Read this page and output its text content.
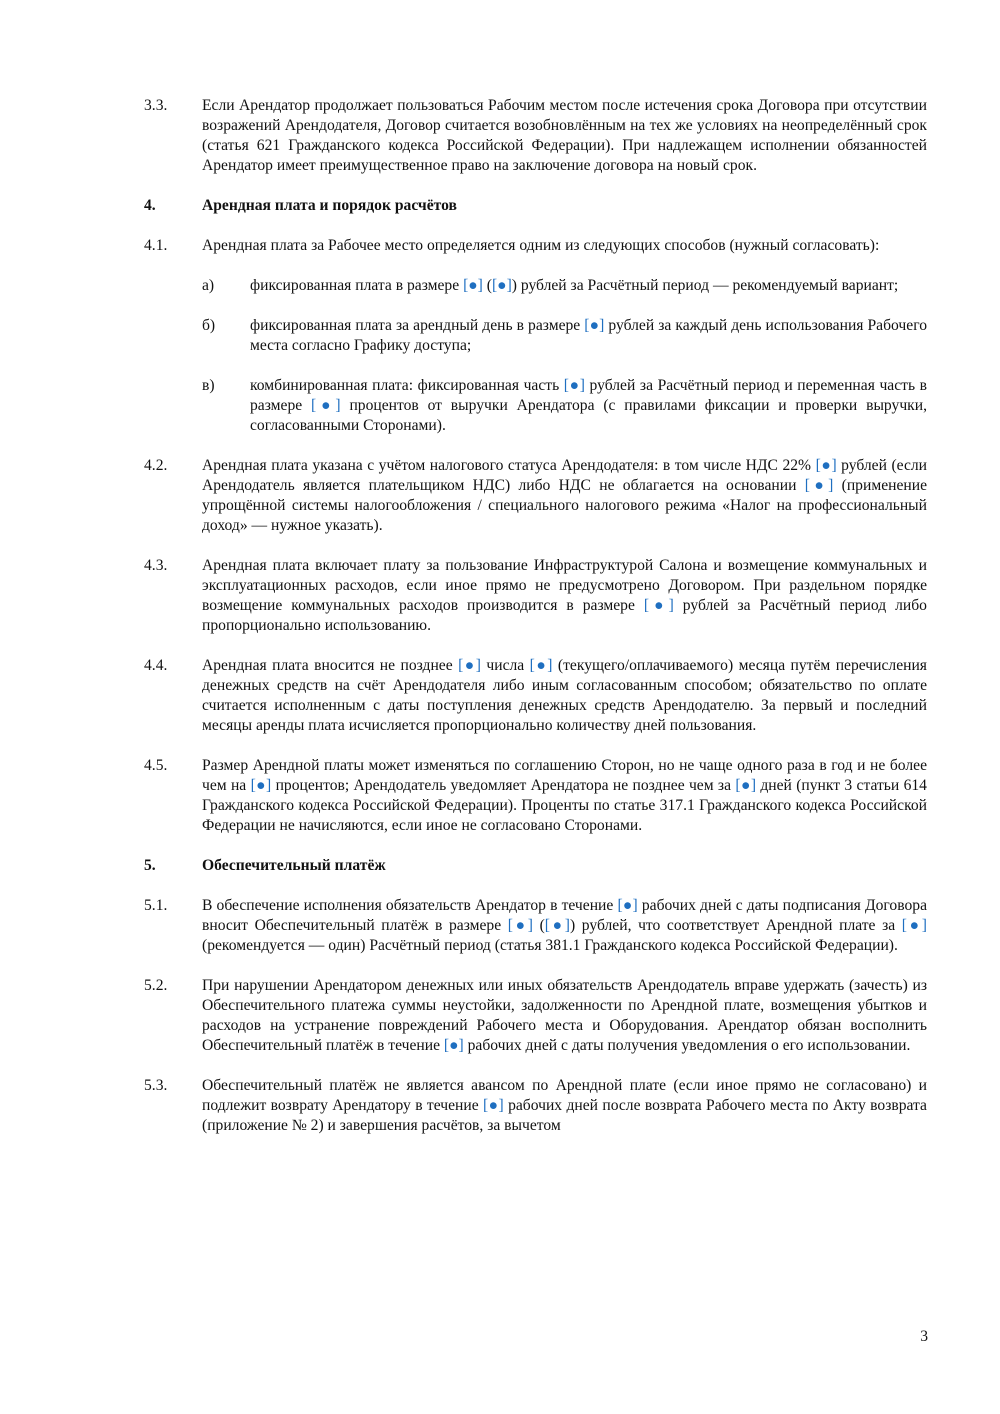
3.3.	Если Арендатор продолжает пользоваться Рабочим местом после истечения срока Договора при отсутствии возражений Арендодателя, Договор считается возобновлённым на тех же условиях на неопределённый срок (статья 621 Гражданского кодекса Российской Федерации). При надлежащем исполнении обязанностей Арендатор имеет преимущественное право на заключение договора на новый срок.
4.	Арендная плата и порядок расчётов
4.1.	Арендная плата за Рабочее место определяется одним из следующих способов (нужный согласовать):
а)	фиксированная плата в размере [●] ([●]) рублей за Расчётный период — рекомендуемый вариант;
б)	фиксированная плата за арендный день в размере [●] рублей за каждый день использования Рабочего места согласно Графику доступа;
в)	комбинированная плата: фиксированная часть [●] рублей за Расчётный период и переменная часть в размере [●] процентов от выручки Арендатора (с правилами фиксации и проверки выручки, согласованными Сторонами).
4.2.	Арендная плата указана с учётом налогового статуса Арендодателя: в том числе НДС 22% [●] рублей (если Арендодатель является плательщиком НДС) либо НДС не облагается на основании [●] (применение упрощённой системы налогообложения / специального налогового режима «Налог на профессиональный доход» — нужное указать).
4.3.	Арендная плата включает плату за пользование Инфраструктурой Салона и возмещение коммунальных и эксплуатационных расходов, если иное прямо не предусмотрено Договором. При раздельном порядке возмещение коммунальных расходов производится в размере [●] рублей за Расчётный период либо пропорционально использованию.
4.4.	Арендная плата вносится не позднее [●] числа [●] (текущего/оплачиваемого) месяца путём перечисления денежных средств на счёт Арендодателя либо иным согласованным способом; обязательство по оплате считается исполненным с даты поступления денежных средств Арендодателю. За первый и последний месяцы аренды плата исчисляется пропорционально количеству дней пользования.
4.5.	Размер Арендной платы может изменяться по соглашению Сторон, но не чаще одного раза в год и не более чем на [●] процентов; Арендодатель уведомляет Арендатора не позднее чем за [●] дней (пункт 3 статьи 614 Гражданского кодекса Российской Федерации). Проценты по статье 317.1 Гражданского кодекса Российской Федерации не начисляются, если иное не согласовано Сторонами.
5.	Обеспечительный платёж
5.1.	В обеспечение исполнения обязательств Арендатор в течение [●] рабочих дней с даты подписания Договора вносит Обеспечительный платёж в размере [●] ([●]) рублей, что соответствует Арендной плате за [●] (рекомендуется — один) Расчётный период (статья 381.1 Гражданского кодекса Российской Федерации).
5.2.	При нарушении Арендатором денежных или иных обязательств Арендодатель вправе удержать (зачесть) из Обеспечительного платежа суммы неустойки, задолженности по Арендной плате, возмещения убытков и расходов на устранение повреждений Рабочего места и Оборудования. Арендатор обязан восполнить Обеспечительный платёж в течение [●] рабочих дней с даты получения уведомления о его использовании.
5.3.	Обеспечительный платёж не является авансом по Арендной плате (если иное прямо не согласовано) и подлежит возврату Арендатору в течение [●] рабочих дней после возврата Рабочего места по Акту возврата (приложение № 2) и завершения расчётов, за вычетом
3
